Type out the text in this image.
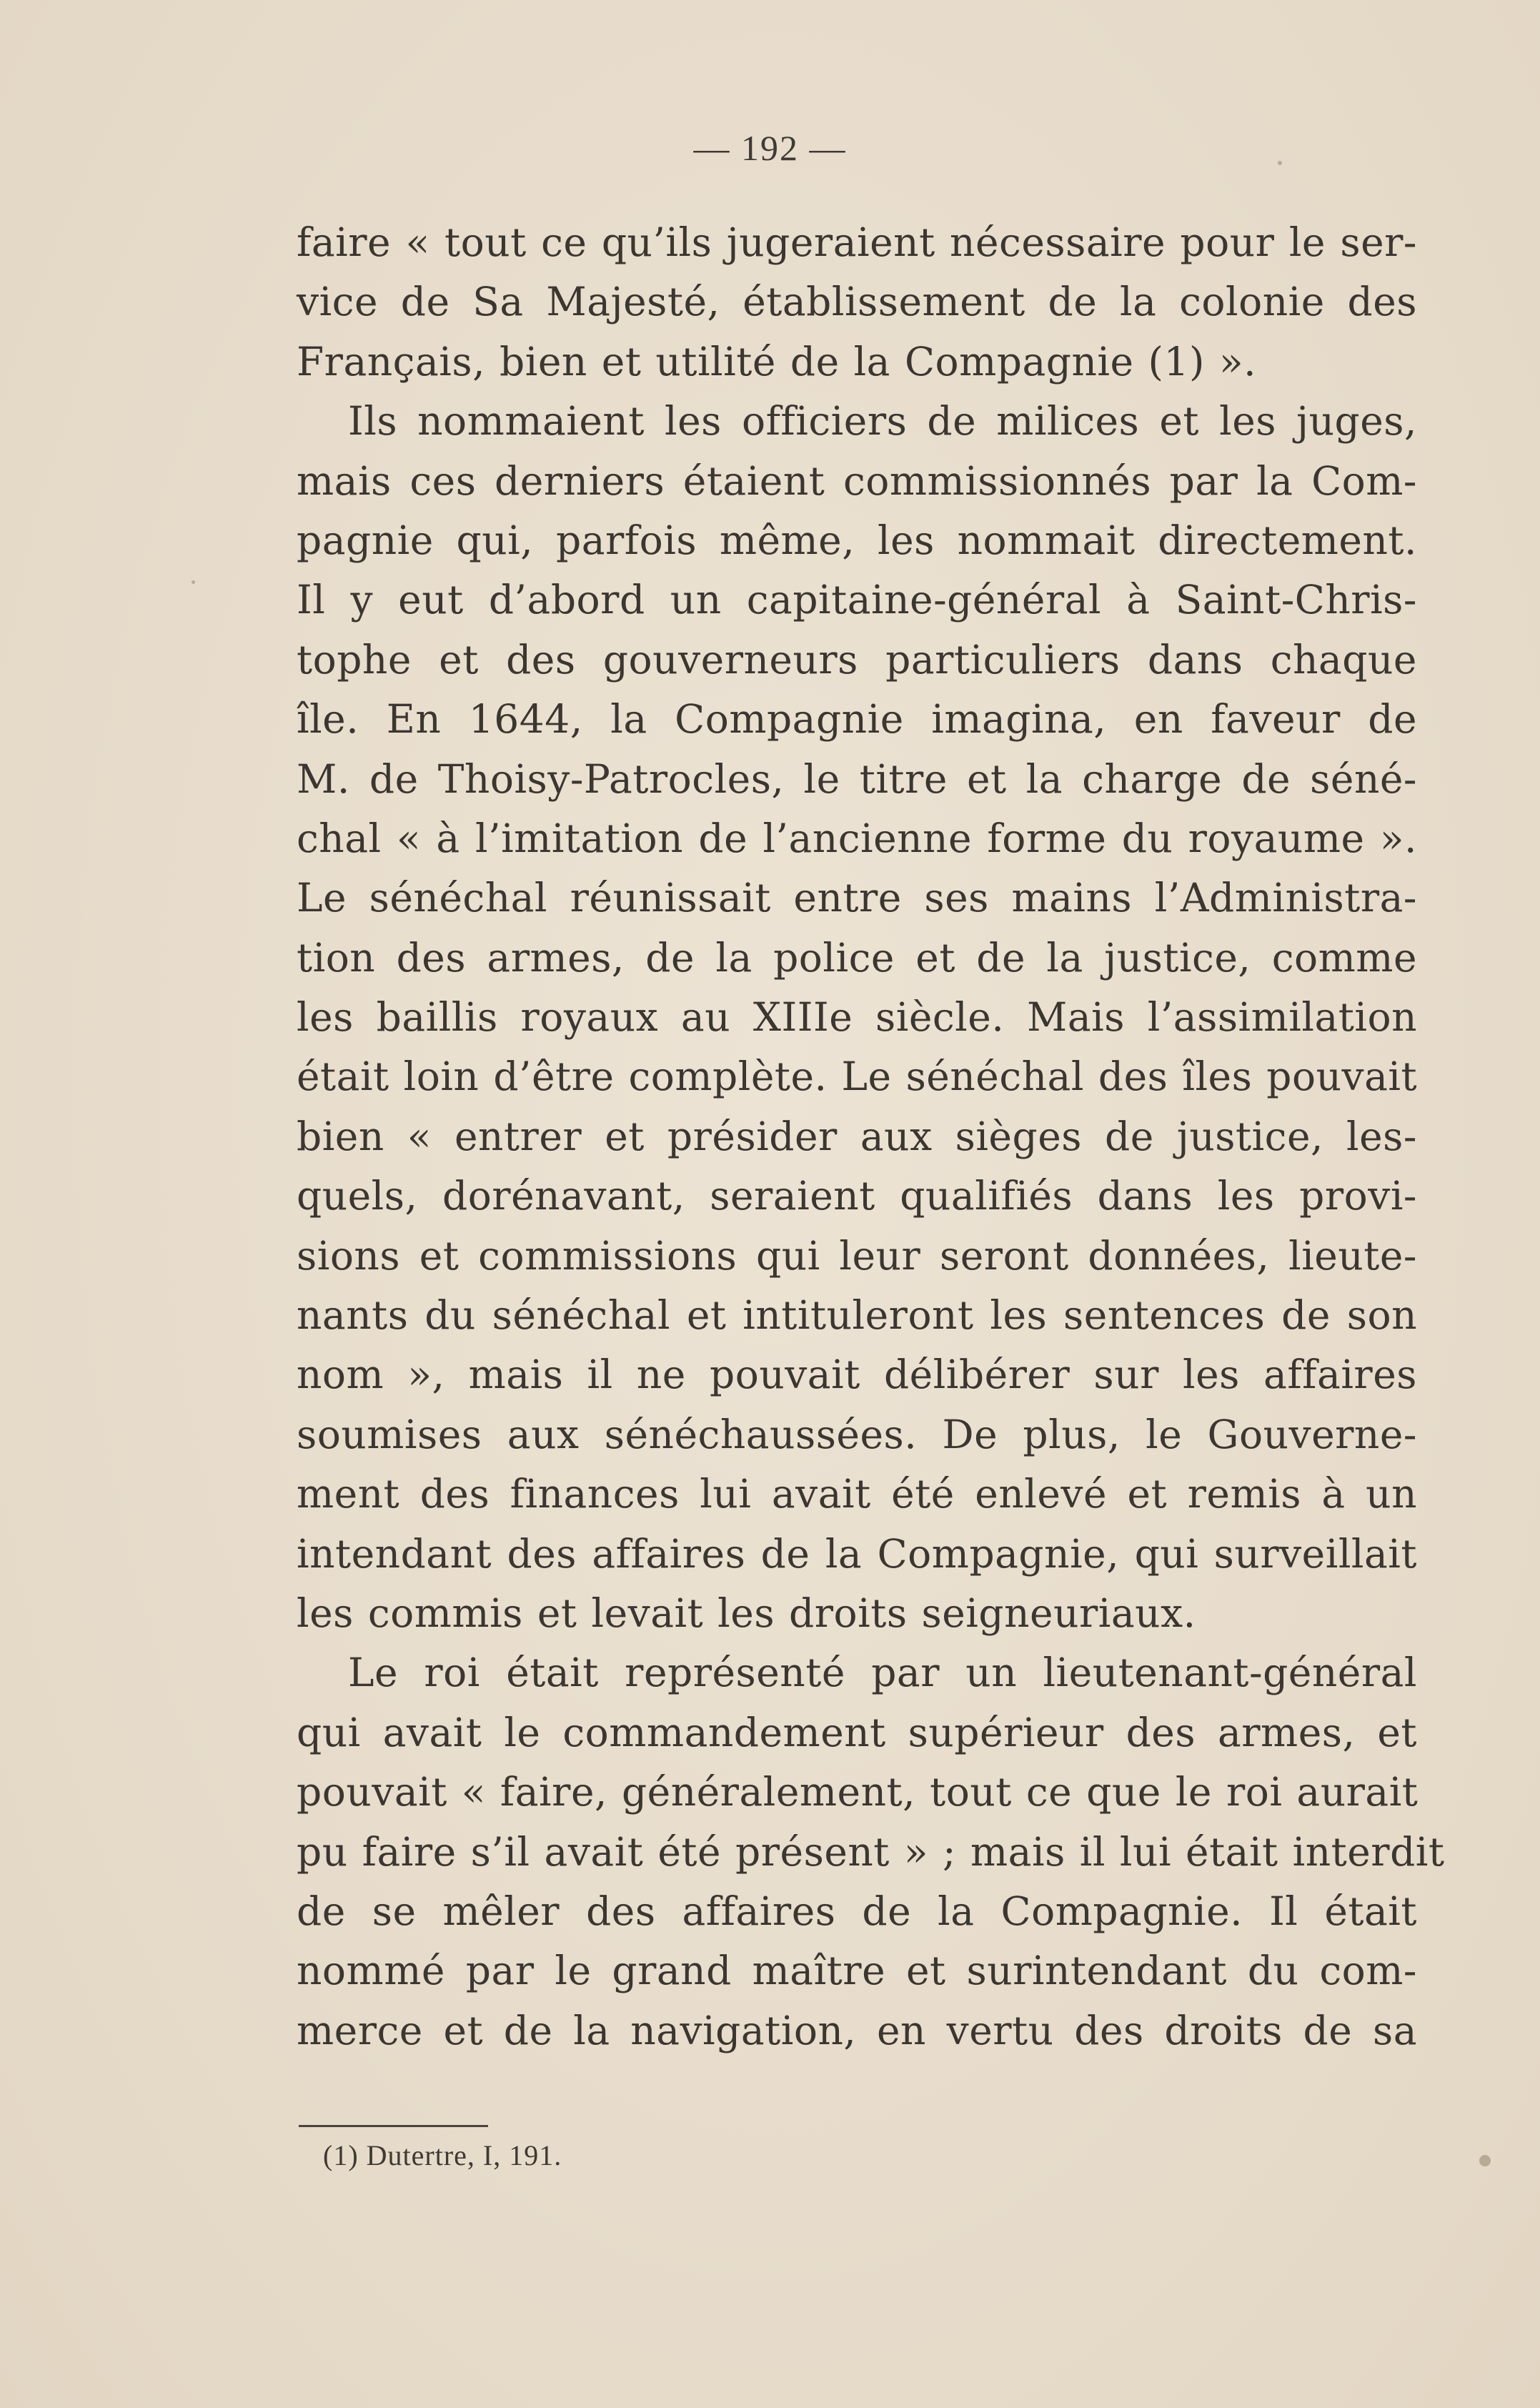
— 192 —
faire « tout ce qu’ils jugeraient nécessaire pour le ser-
vice de Sa Majesté, établissement de la colonie des
Français, bien et utilité de la Compagnie (1) ».
Ils nommaient les officiers de milices et les juges,
mais ces derniers étaient commissionnés par la Com-
pagnie qui, parfois même, les nommait directement.
Il y eut d’abord un capitaine-général à Saint-Chris-
tophe et des gouverneurs particuliers dans chaque
île. En 1644, la Compagnie imagina, en faveur de
M. de Thoisy-Patrocles, le titre et la charge de séné-
chal « à l’imitation de l’ancienne forme du royaume ».
Le sénéchal réunissait entre ses mains l’Administra-
tion des armes, de la police et de la justice, comme
les baillis royaux au XIIIe siècle. Mais l’assimilation
était loin d’être complète. Le sénéchal des îles pouvait
bien « entrer et présider aux sièges de justice, les-
quels, dorénavant, seraient qualifiés dans les provi-
sions et commissions qui leur seront données, lieute-
nants du sénéchal et intituleront les sentences de son
nom », mais il ne pouvait délibérer sur les affaires
soumises aux sénéchaussées. De plus, le Gouverne-
ment des finances lui avait été enlevé et remis à un
intendant des affaires de la Compagnie, qui surveillait
les commis et levait les droits seigneuriaux.
Le roi était représenté par un lieutenant-général
qui avait le commandement supérieur des armes, et
pouvait « faire, généralement, tout ce que le roi aurait
pu faire s’il avait été présent » ; mais il lui était interdit
de se mêler des affaires de la Compagnie. Il était
nommé par le grand maître et surintendant du com-
merce et de la navigation, en vertu des droits de sa
(1) Dutertre, I, 191.
